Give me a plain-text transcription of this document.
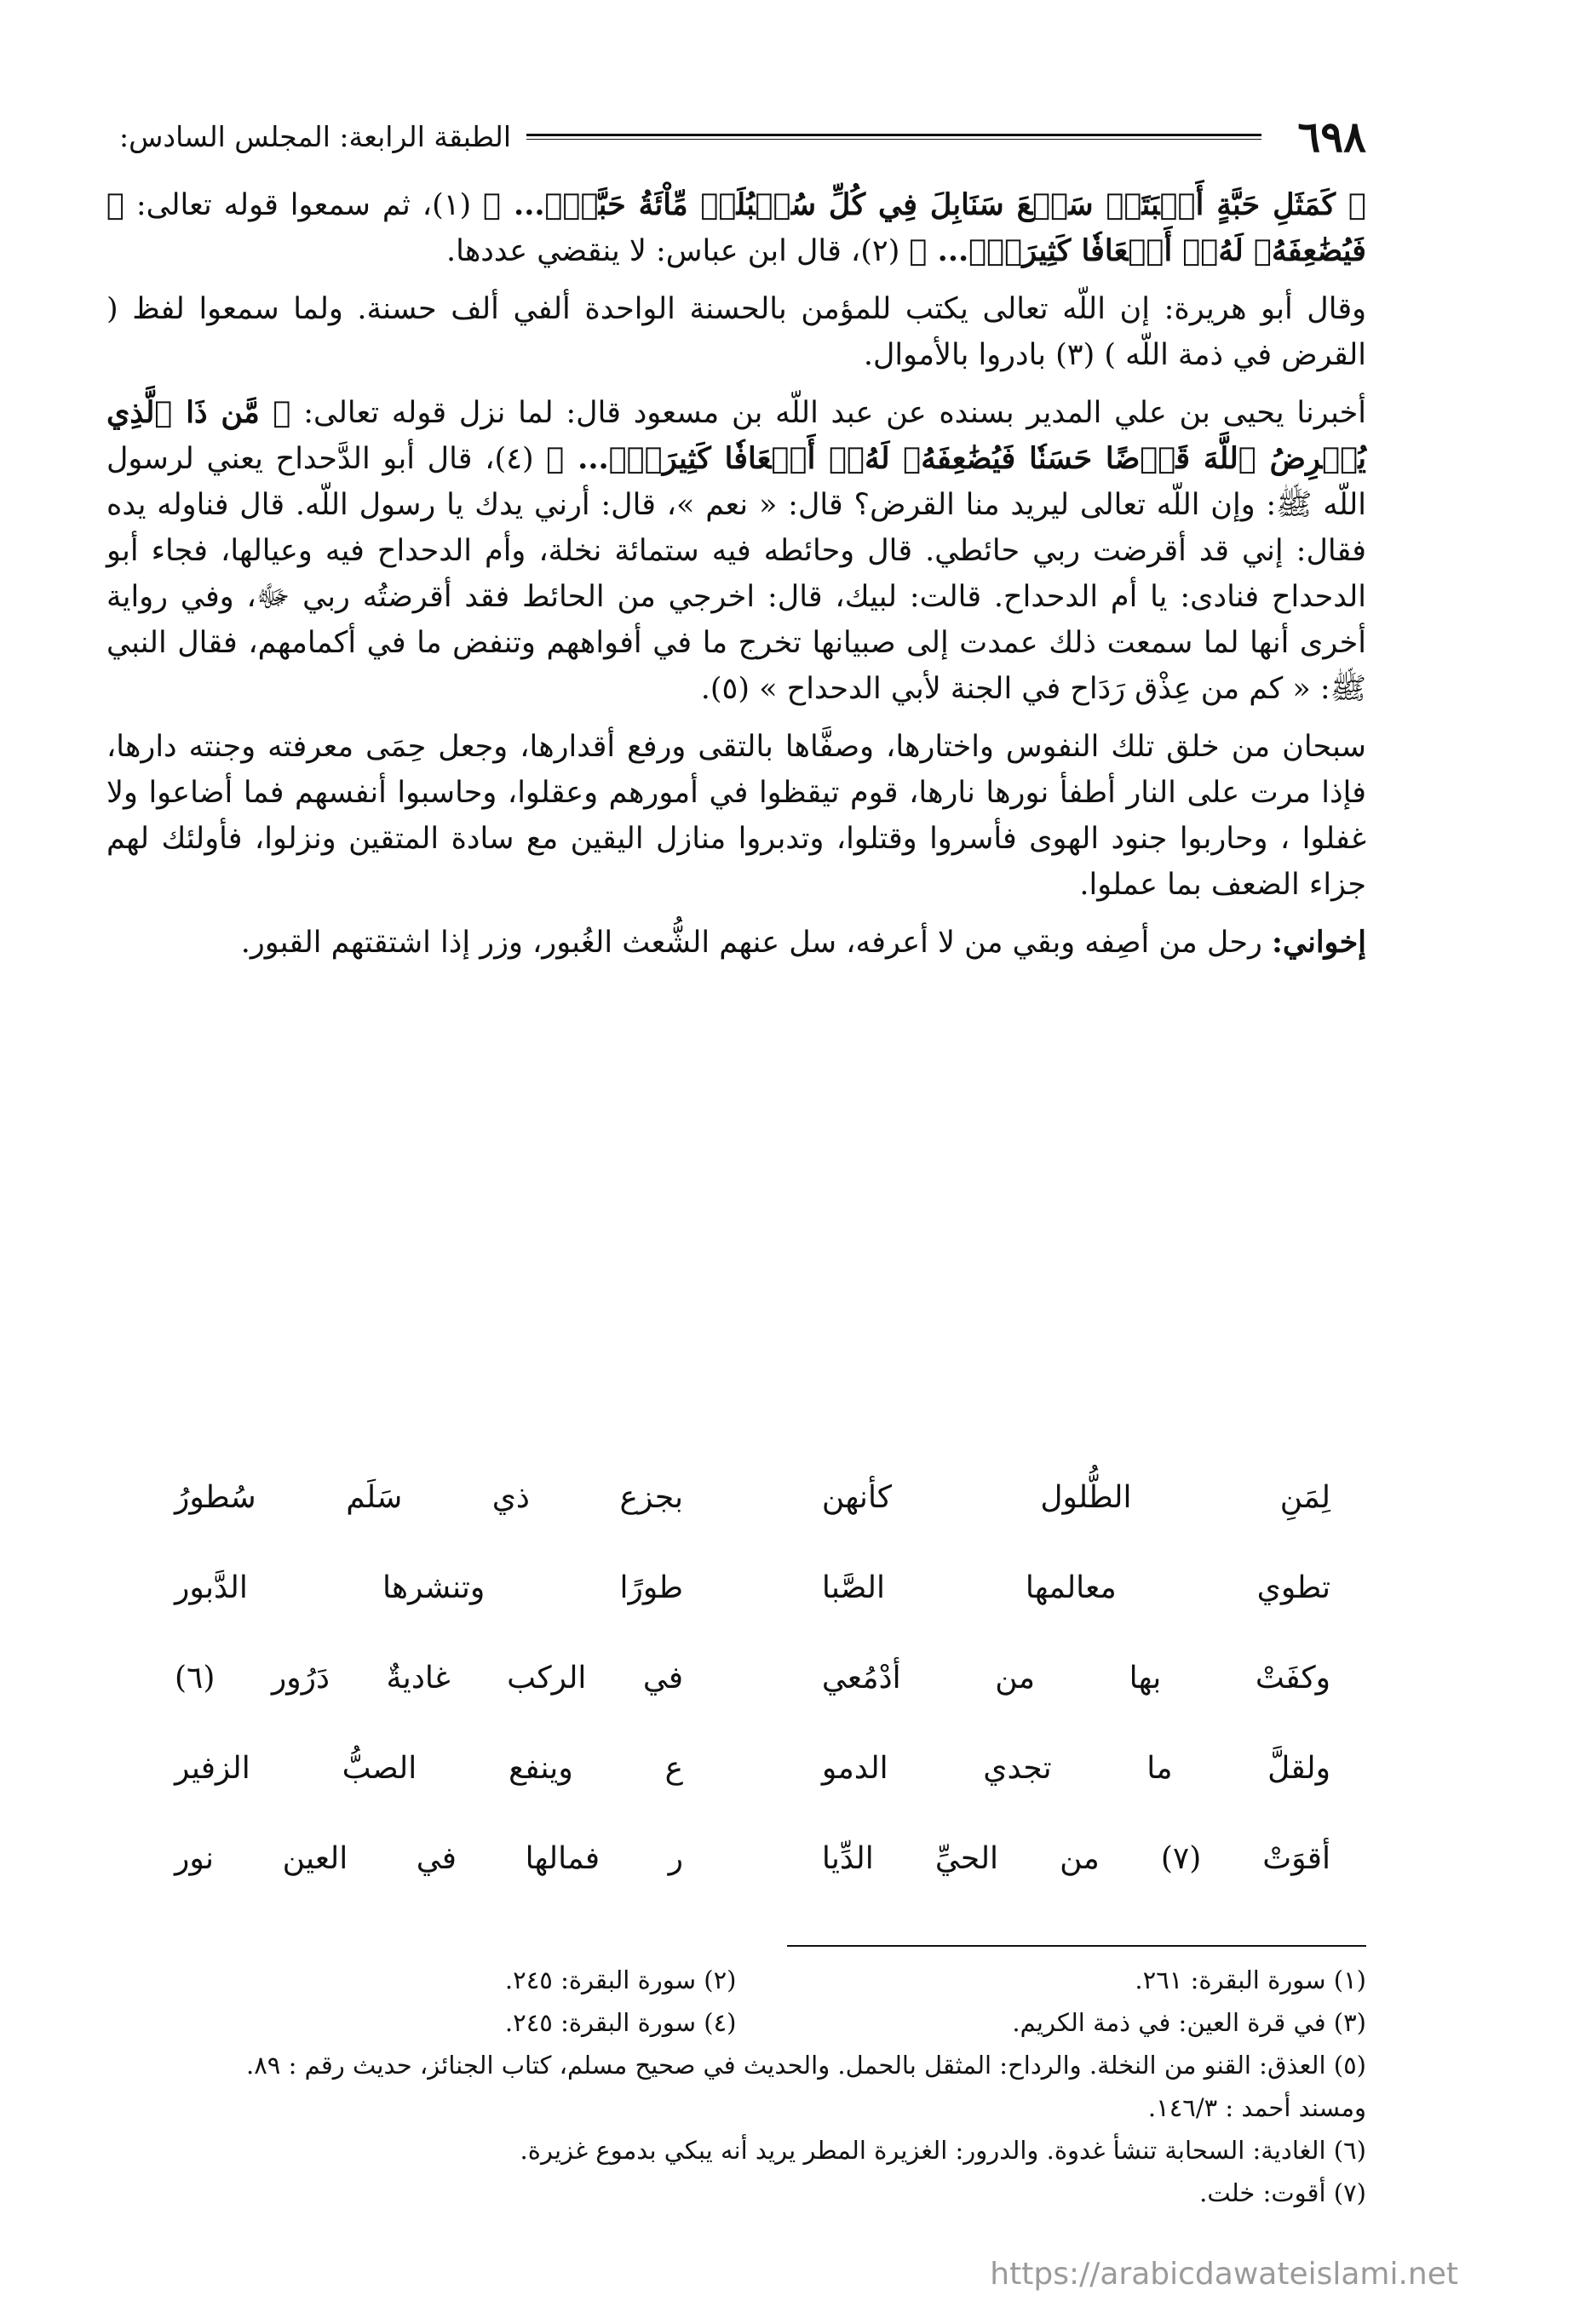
٦٩٨
الطبقة الرابعة: المجلس السادس:

﴿ كَمَثَلِ حَبَّةٍ أَنۢبَتَتۡ سَبۡعَ سَنَابِلَ فِي كُلِّ سُنۢبُلَةٖ مِّاْئَةُ حَبَّةٖۗ... ﴾ (١)، ثم سمعوا قوله تعالى: ﴿ فَيُضَٰعِفَهُۥ لَهُۥٓ أَضۡعَافٗا كَثِيرَةٗۚ... ﴾ (٢)، قال ابن عباس: لا ينقضي عددها.

وقال أبو هريرة: إن اللّه تعالى يكتب للمؤمن بالحسنة الواحدة ألفي ألف حسنة. ولما سمعوا لفظ ( القرض في ذمة اللّه ) (٣) بادروا بالأموال.

أخبرنا يحيى بن علي المدير بسنده عن عبد اللّه بن مسعود قال: لما نزل قوله تعالى: ﴿ مَّن ذَا ٱلَّذِي يُقۡرِضُ ٱللَّهَ قَرۡضًا حَسَنٗا فَيُضَٰعِفَهُۥ لَهُۥٓ أَضۡعَافٗا كَثِيرَةٗۚ... ﴾ (٤)، قال أبو الدَّحداح يعني لرسول اللّه ﷺ: وإن اللّه تعالى ليريد منا القرض؟ قال: « نعم »، قال: أرني يدك يا رسول اللّه. قال فناوله يده فقال: إني قد أقرضت ربي حائطي. قال وحائطه فيه ستمائة نخلة، وأم الدحداح فيه وعيالها، فجاء أبو الدحداح فنادى: يا أم الدحداح. قالت: لبيك، قال: اخرجي من الحائط فقد أقرضتُه ربي ﷻ، وفي رواية أخرى أنها لما سمعت ذلك عمدت إلى صبيانها تخرج ما في أفواههم وتنفض ما في أكمامهم، فقال النبي ﷺ: « كم من عِذْق رَدَاح في الجنة لأبي الدحداح » (٥).

سبحان من خلق تلك النفوس واختارها، وصفَّاها بالتقى ورفع أقدارها، وجعل حِمَى معرفته وجنته دارها، فإذا مرت على النار أطفأ نورها نارها، قوم تيقظوا في أمورهم وعقلوا، وحاسبوا أنفسهم فما أضاعوا ولا غفلوا ، وحاربوا جنود الهوى فأسروا وقتلوا، وتدبروا منازل اليقين مع سادة المتقين ونزلوا، فأولئك لهم جزاء الضعف بما عملوا.

إخواني: رحل من أصِفه وبقي من لا أعرفه، سل عنهم الشُّعث الغُبور، وزر إذا اشتقتهم القبور.

لِمَنِ الطُّلول كأنهن
بجزع ذي سَلَم سُطورُ
تطوي معالمها الصَّبا
طورًا وتنشرها الدَّبور
وكفَتْ بها من أدْمُعي
في الركب غاديةٌ دَرُور (٦)
ولقلَّ ما تجدي الدمو
ع وينفع الصبُّ الزفير
أقوَتْ (٧) من الحيِّ الدِّيا
ر فمالها في العين نور
(١) سورة البقرة: ٢٦١.
(٢) سورة البقرة: ٢٤٥.
(٣) في قرة العين: في ذمة الكريم.
(٤) سورة البقرة: ٢٤٥.
(٥) العذق: القنو من النخلة. والرداح: المثقل بالحمل. والحديث في صحيح مسلم، كتاب الجنائز، حديث رقم : ٨٩.
ومسند أحمد : ١٤٦/٣.
(٦) الغادية: السحابة تنشأ غدوة. والدرور: الغزيرة المطر يريد أنه يبكي بدموع غزيرة.
(٧) أقوت: خلت.
https://arabicdawateislami.net
